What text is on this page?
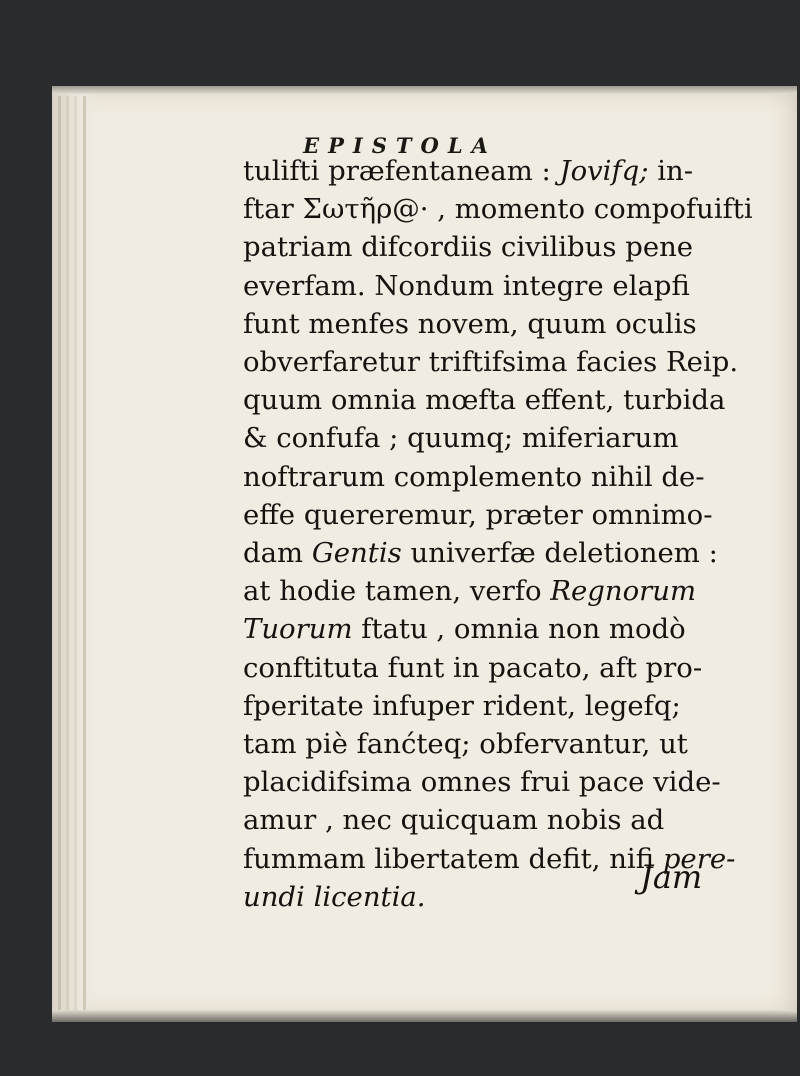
EPISTOLA
tulifti præfentaneam : Jovifq; in-
ftar Σωτῆρ@· , momento compofuifti
patriam difcordiis civilibus pene
everfam. Nondum integre elapfi
funt menfes novem, quum oculis
obverfaretur triftifsima facies Reip.
quum omnia mœfta effent, turbida
& confufa ; quumq; miferiarum
noftrarum complemento nihil de-
effe quereremur, præter omnimo-
dam Gentis univerfæ deletionem :
at hodie tamen, verfo Regnorum
Tuorum ftatu , omnia non modò
conftituta funt in pacato, aft pro-
fperitate infuper rident, legefq;
tam piè fanćteq; obfervantur, ut
placidifsima omnes frui pace vide-
amur , nec quicquam nobis ad
fummam libertatem defit, nifi pere-
undi licentia.
Jam
